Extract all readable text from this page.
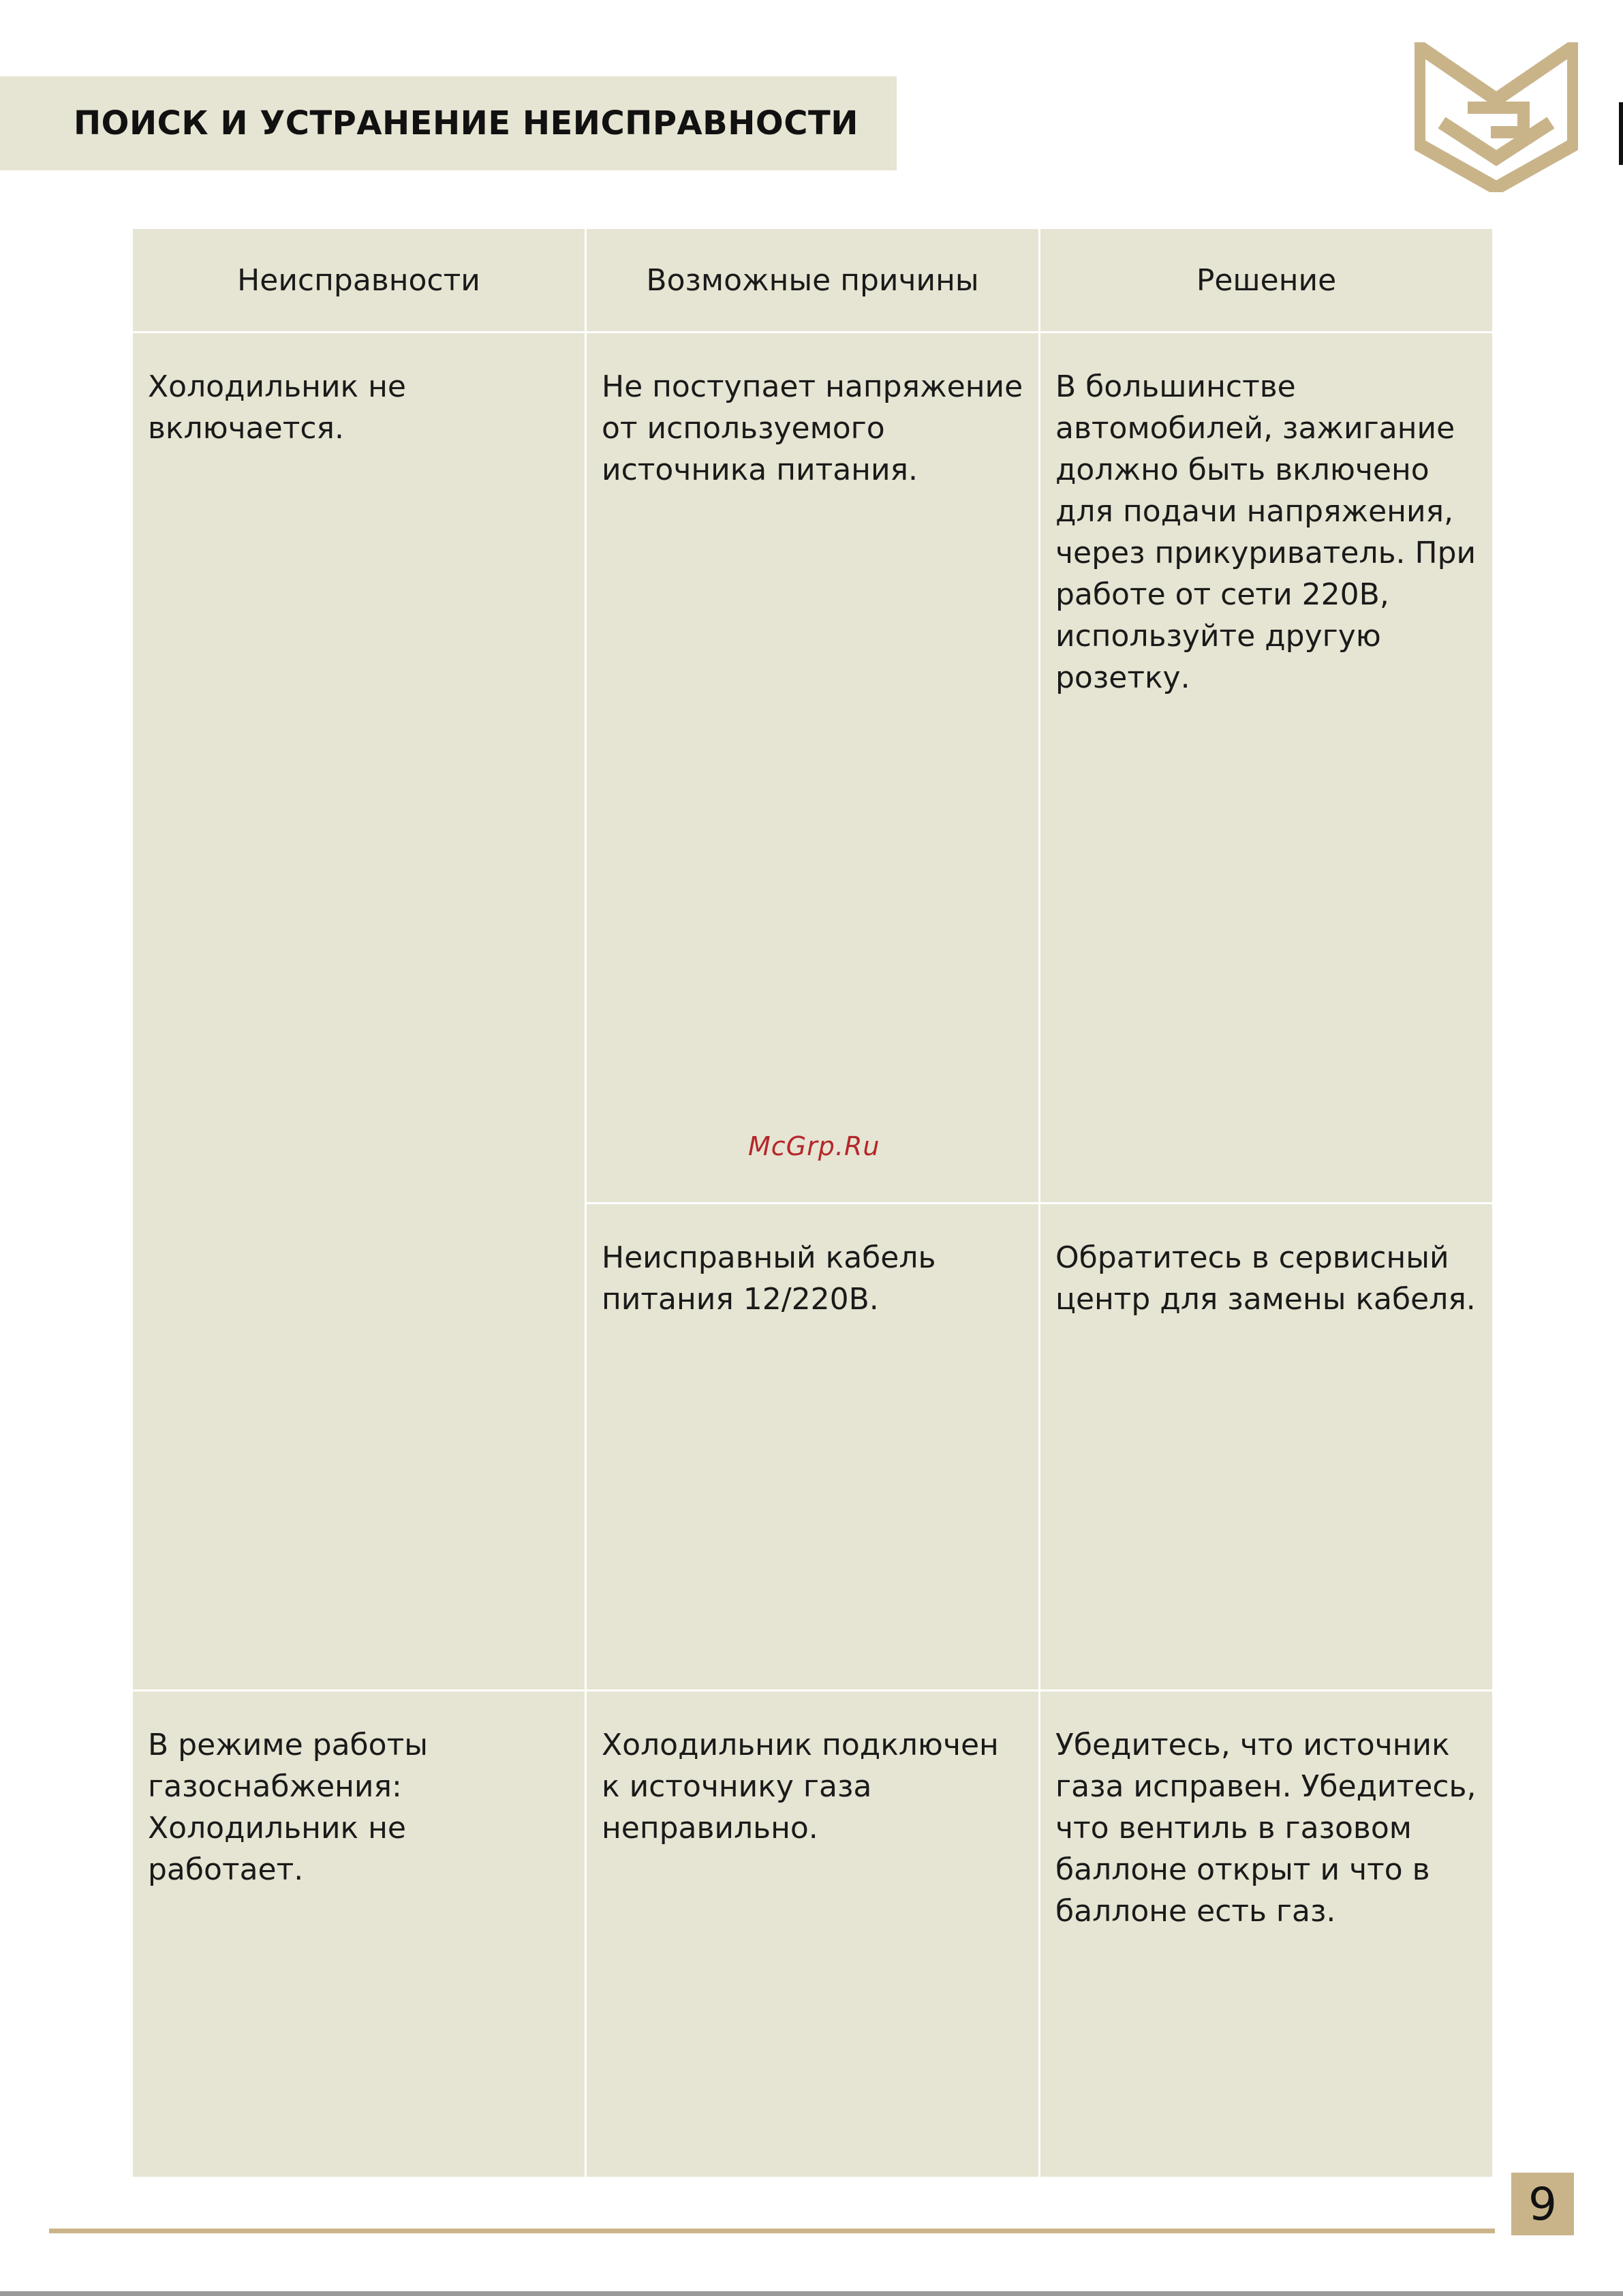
ПОИСК И УСТРАНЕНИЕ НЕИСПРАВНОСТИ
Неисправности	Возможные причины	Решение

Холодильник не включается.	Не поступает напряжение от используемого источника питания.	В большинстве автомобилей, зажигание должно быть включено для подачи напряжения, через прикуриватель. При работе от сети 220В, используйте другую розетку.

	Неисправный кабель питания 12/220В.	Обратитесь в сервисный центр для замены кабеля.

В режиме работы газоснабжения: Холодильник не работает.	Холодильник подключен к источнику газа неправильно.	Убедитесь, что источник газа исправен. Убедитесь, что вентиль в газовом баллоне открыт и что в баллоне есть газ.
McGrp.Ru
9
